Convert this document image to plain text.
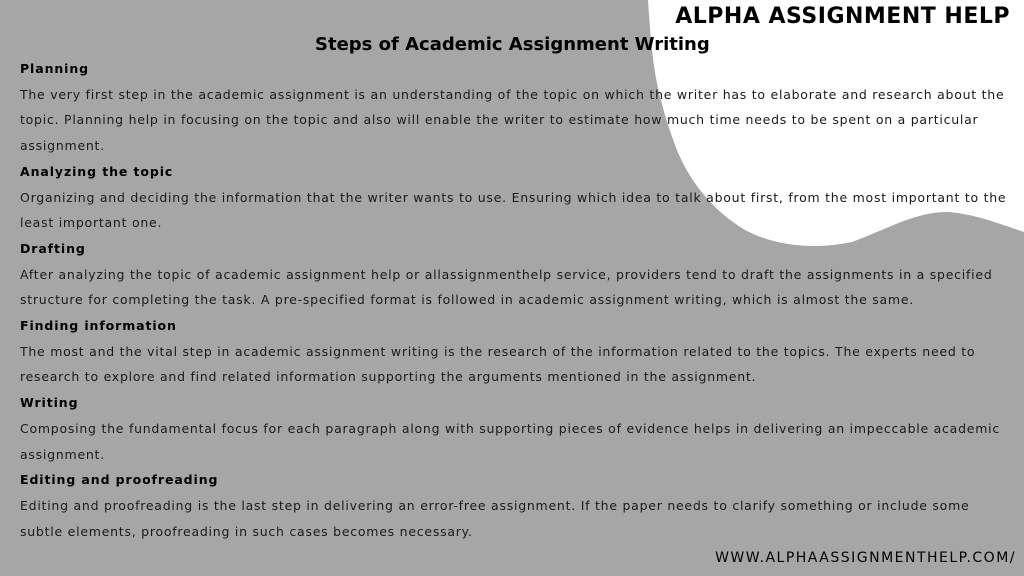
ALPHA ASSIGNMENT HELP
Steps of Academic Assignment Writing

Planning

The very first step in the academic assignment is an understanding of the topic on which the writer has to elaborate and research about the topic. Planning help in focusing on the topic and also will enable the writer to estimate how much time needs to be spent on a particular assignment.

Analyzing the topic

Organizing and deciding the information that the writer wants to use. Ensuring which idea to talk about first, from the most important to the least important one.

Drafting

After analyzing the topic of academic assignment help or allassignmenthelp service, providers tend to draft the assignments in a specified structure for completing the task. A pre-specified format is followed in academic assignment writing, which is almost the same.

Finding information

The most and the vital step in academic assignment writing is the research of the information related to the topics. The experts need to research to explore and find related information supporting the arguments mentioned in the assignment.

Writing

Composing the fundamental focus for each paragraph along with supporting pieces of evidence helps in delivering an impeccable academic assignment.

Editing and proofreading

Editing and proofreading is the last step in delivering an error-free assignment. If the paper needs to clarify something or include some subtle elements, proofreading in such cases becomes necessary.

WWW.ALPHAASSIGNMENTHELP.COM/
